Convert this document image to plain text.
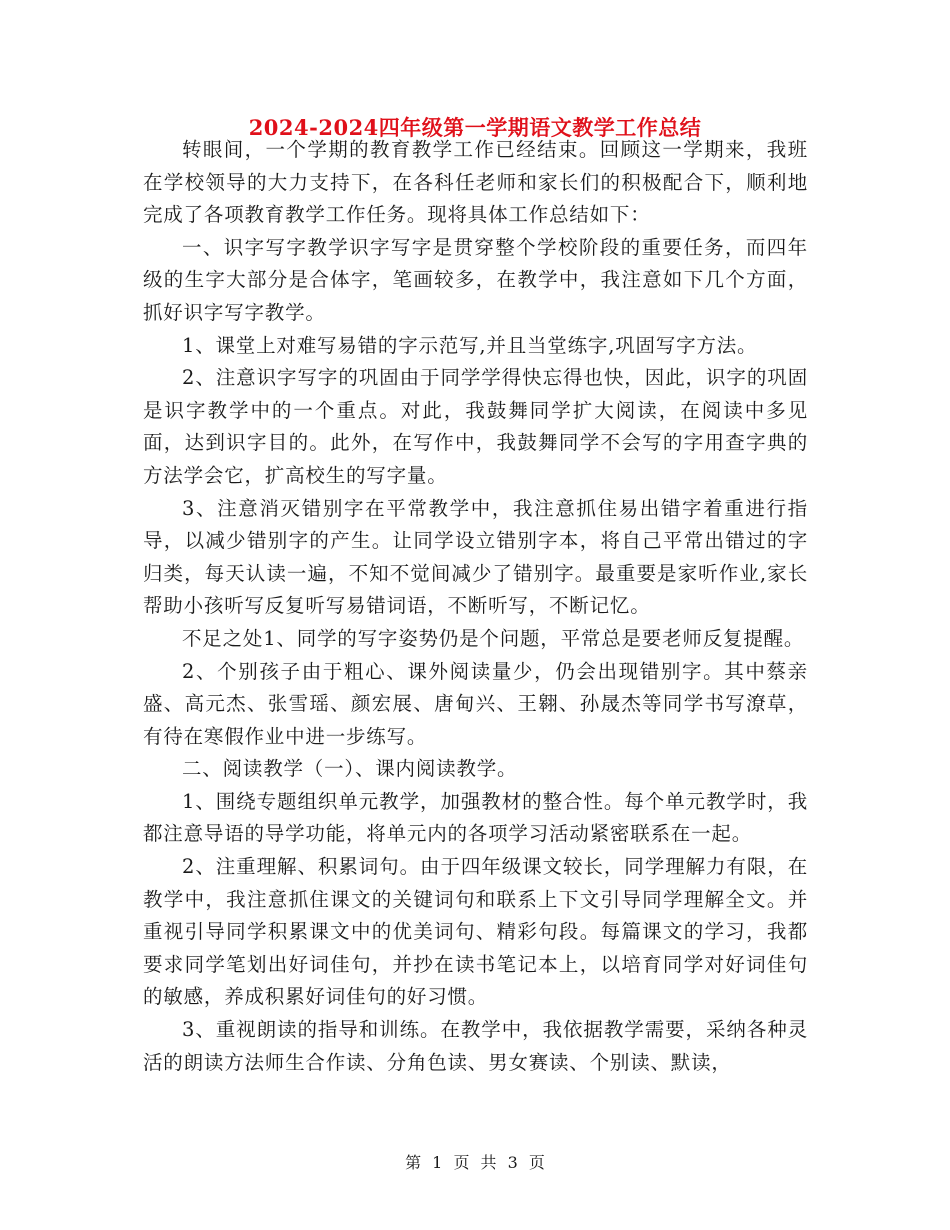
2024-2024四年级第一学期语文教学工作总结

转眼间，一个学期的教育教学工作已经结束。回顾这一学期来，我班在学校领导的大力支持下，在各科任老师和家长们的积极配合下，顺利地完成了各项教育教学工作任务。现将具体工作总结如下：

一、识字写字教学识字写字是贯穿整个学校阶段的重要任务，而四年级的生字大部分是合体字，笔画较多，在教学中，我注意如下几个方面，抓好识字写字教学。

1、课堂上对难写易错的字示范写,并且当堂练字,巩固写字方法。

2、注意识字写字的巩固由于同学学得快忘得也快，因此，识字的巩固是识字教学中的一个重点。对此，我鼓舞同学扩大阅读，在阅读中多见面，达到识字目的。此外，在写作中，我鼓舞同学不会写的字用查字典的方法学会它，扩高校生的写字量。

3、注意消灭错别字在平常教学中，我注意抓住易出错字着重进行指导，以减少错别字的产生。让同学设立错别字本，将自己平常出错过的字归类，每天认读一遍，不知不觉间减少了错别字。最重要是家听作业,家长帮助小孩听写反复听写易错词语，不断听写，不断记忆。

不足之处1、同学的写字姿势仍是个问题，平常总是要老师反复提醒。

2、个别孩子由于粗心、课外阅读量少，仍会出现错别字。其中蔡亲盛、高元杰、张雪瑶、颜宏展、唐甸兴、王翱、孙晟杰等同学书写潦草，有待在寒假作业中进一步练写。

二、阅读教学（一）、课内阅读教学。

1、围绕专题组织单元教学，加强教材的整合性。每个单元教学时，我都注意导语的导学功能，将单元内的各项学习活动紧密联系在一起。

2、注重理解、积累词句。由于四年级课文较长，同学理解力有限，在教学中，我注意抓住课文的关键词句和联系上下文引导同学理解全文。并重视引导同学积累课文中的优美词句、精彩句段。每篇课文的学习，我都要求同学笔划出好词佳句，并抄在读书笔记本上，以培育同学对好词佳句的敏感，养成积累好词佳句的好习惯。

3、重视朗读的指导和训练。在教学中，我依据教学需要，采纳各种灵活的朗读方法师生合作读、分角色读、男女赛读、个别读、默读，

第 1 页 共 3 页
